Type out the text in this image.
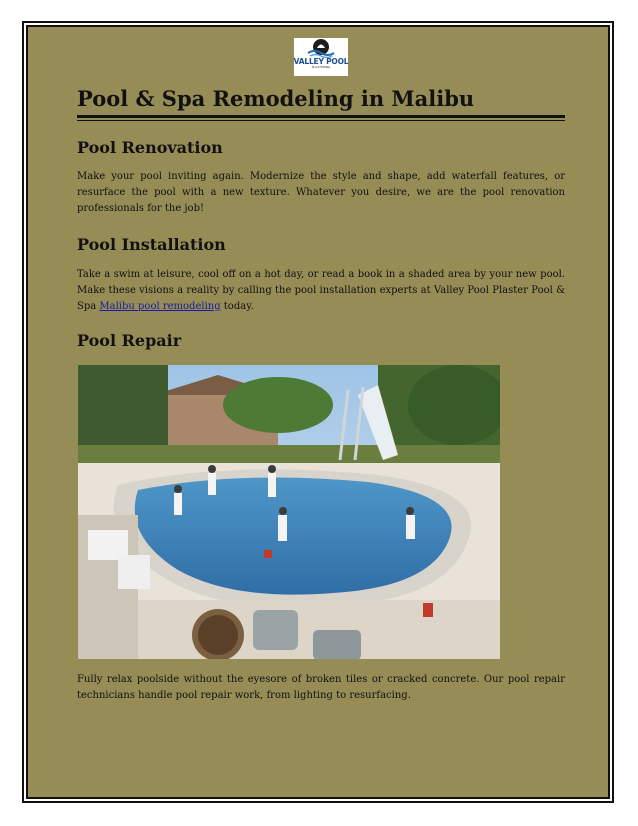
VALLEY POOL
PLASTERING
Pool & Spa Remodeling in Malibu
Pool Renovation

Make your pool inviting again. Modernize the style and shape, add waterfall features, or resurface the pool with a new texture. Whatever you desire, we are the pool renovation professionals for the job!

Pool Installation

Take a swim at leisure, cool off on a hot day, or read a book in a shaded area by your new pool. Make these visions a reality by calling the pool installation experts at Valley Pool Plaster Pool & Spa Malibu pool remodeling today.

Pool Repair

Fully relax poolside without the eyesore of broken tiles or cracked concrete. Our pool repair technicians handle pool repair work, from lighting to resurfacing.
